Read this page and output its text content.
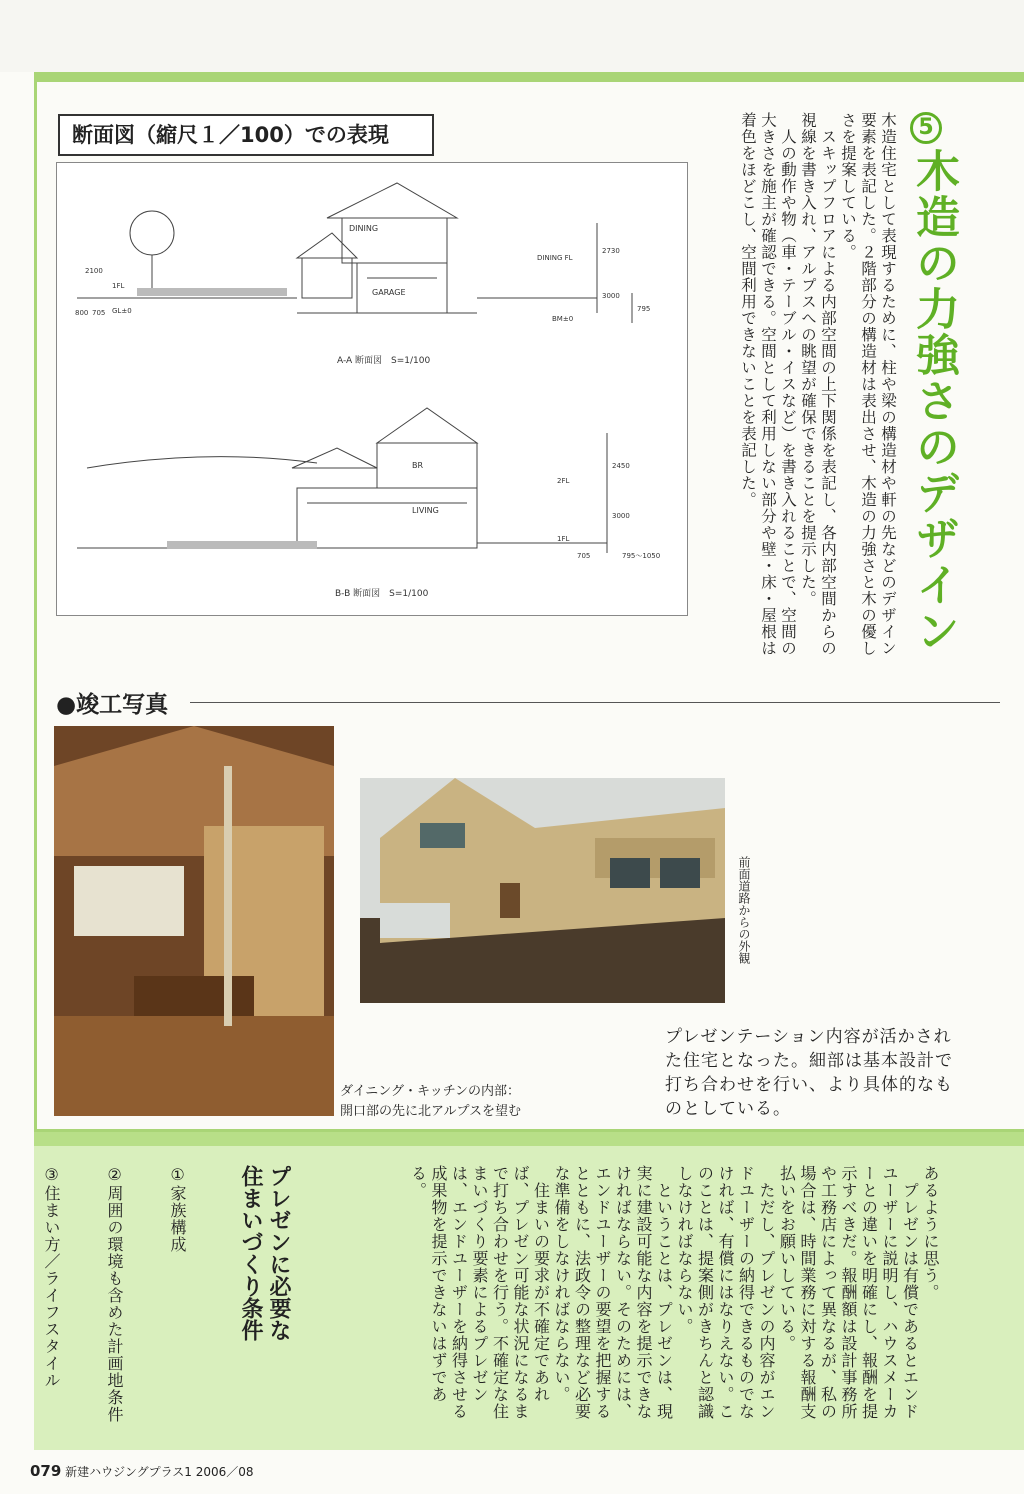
断面図（縮尺１／100）での表現
DINING
GARAGE
DINING FL
BM±0
2730
3000
2100
795
1FL
GL±0
800 705
A-A 断面図　S=1/100
BR
LIVING
2FL
1FL
2450
3000
795～1050
705
B-B 断面図　S=1/100
5
木造の力強さのデザイン
木造住宅として表現するために、柱や梁の構造材や軒の先などのデザイン要素を表記した。２階部分の構造材は表出させ、木造の力強さと木の優しさを提案している。
　スキップフロアによる内部空間の上下関係を表記し、各内部空間からの視線を書き入れ、アルプスへの眺望が確保できることを提示した。
　人の動作や物（車・テーブル・イスなど）を書き入れることで、空間の大きさを施主が確認できる。空間として利用しない部分や壁・床・屋根は着色をほどこし、空間利用できないことを表記した。
●竣工写真
前面道路からの外観
ダイニング・キッチンの内部：
開口部の先に北アルプスを望む
プレゼンテーション内容が活かされた住宅となった。細部は基本設計で打ち合わせを行い、より具体的なものとしている。
あるように思う。
　プレゼンは有償であるとエンドユーザーに説明し、ハウスメーカーとの違いを明確にし、報酬を提示すべきだ。報酬額は設計事務所や工務店によって異なるが、私の場合は、時間業務に対する報酬支払いをお願いしている。
　ただし、プレゼンの内容がエンドユーザーの納得できるものでなければ、有償にはなりえない。このことは、提案側がきちんと認識しなければならない。
　ということは、プレゼンは、現実に建設可能な内容を提示できなければならない。そのためには、エンドユーザーの要望を把握するとともに、法政令の整理など必要な準備をしなければならない。
　住まいの要求が不確定であれば、プレゼン可能な状況になるまで打ち合わせを行う。不確定な住まいづくり要素によるプレゼンは、エンドユーザーを納得させる成果物を提示できないはずである。
プレゼンに必要な
住まいづくり条件

①家族構成

②周囲の環境も含めた計画地条件

③住まい方／ライフスタイル

079 新建ハウジングプラス1 2006／08
